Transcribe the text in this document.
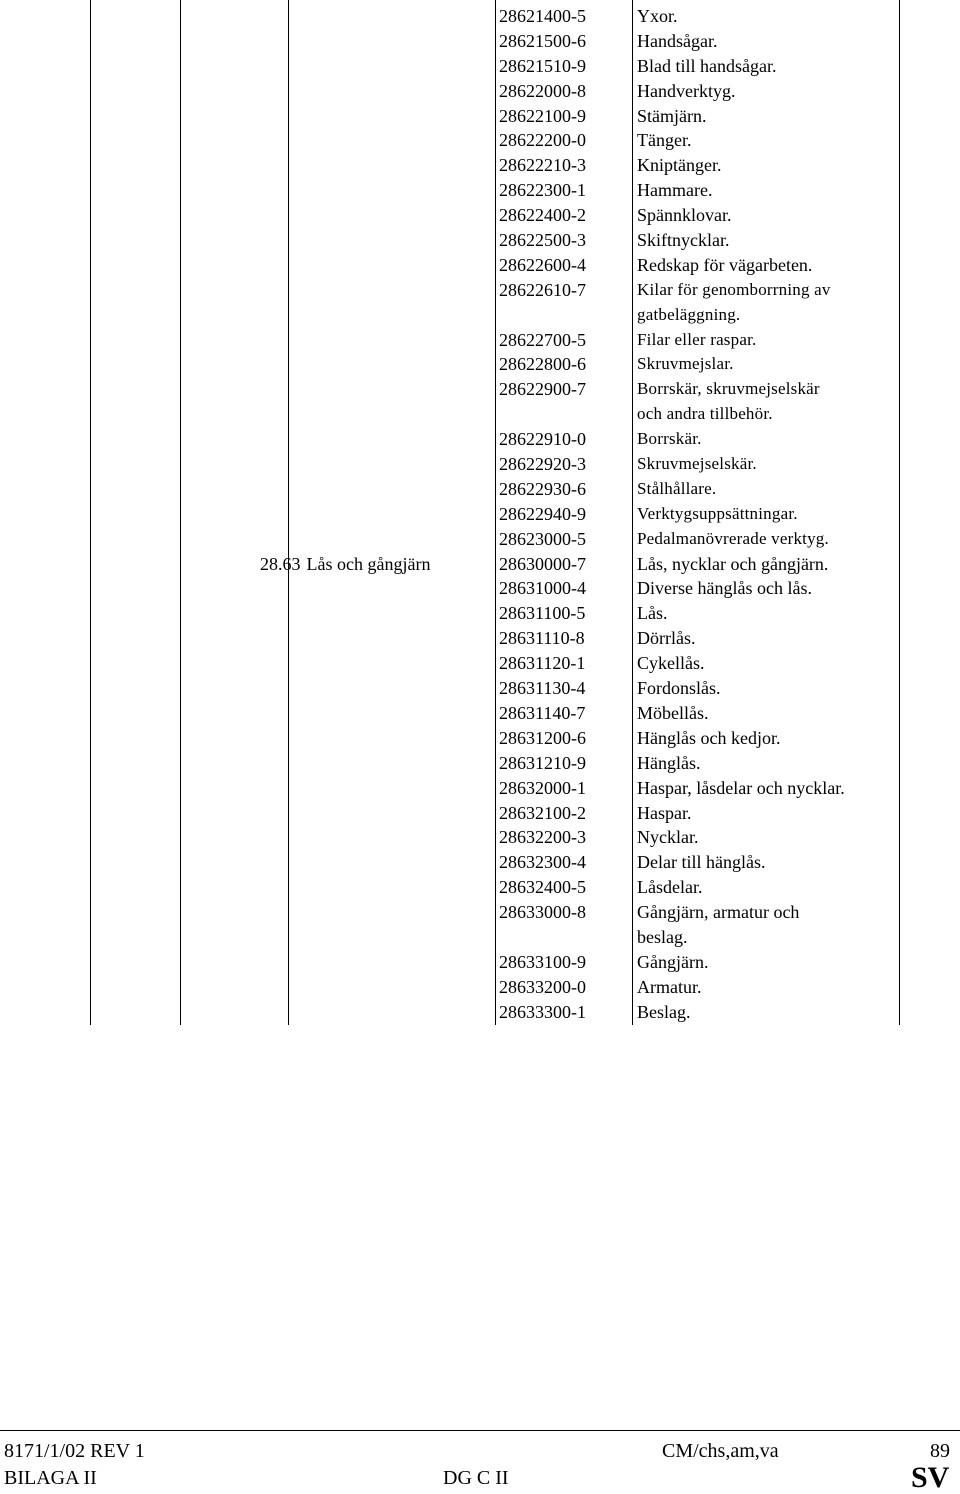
28621400-5	Yxor.
28621500-6	Handsågar.
28621510-9	Blad till handsågar.
28622000-8	Handverktyg.
28622100-9	Stämjärn.
28622200-0	Tänger.
28622210-3	Kniptänger.
28622300-1	Hammare.
28622400-2	Spännklovar.
28622500-3	Skiftnycklar.
28622600-4	Redskap för vägarbeten.
28622610-7	Kilar för genomborrning av
gatbeläggning.
28622700-5	Filar eller raspar.
28622800-6	Skruvmejslar.
28622900-7	Borrskär, skruvmejselskär
och andra tillbehör.
28622910-0	Borrskär.
28622920-3	Skruvmejselskär.
28622930-6	Stålhållare.
28622940-9	Verktygsuppsättningar.
28623000-5	Pedalmanövrerade verktyg.
28.63 Lås och gångjärn	28630000-7	Lås, nycklar och gångjärn.
28631000-4	Diverse hänglås och lås.
28631100-5	Lås.
28631110-8	Dörrlås.
28631120-1	Cykellås.
28631130-4	Fordonslås.
28631140-7	Möbellås.
28631200-6	Hänglås och kedjor.
28631210-9	Hänglås.
28632000-1	Haspar, låsdelar och nycklar.
28632100-2	Haspar.
28632200-3	Nycklar.
28632300-4	Delar till hänglås.
28632400-5	Låsdelar.
28633000-8	Gångjärn, armatur och
beslag.
28633100-9	Gångjärn.
28633200-0	Armatur.
28633300-1	Beslag.
8171/1/02 REV 1	CM/chs,am,va	89
BILAGA II	DG C II	SV
